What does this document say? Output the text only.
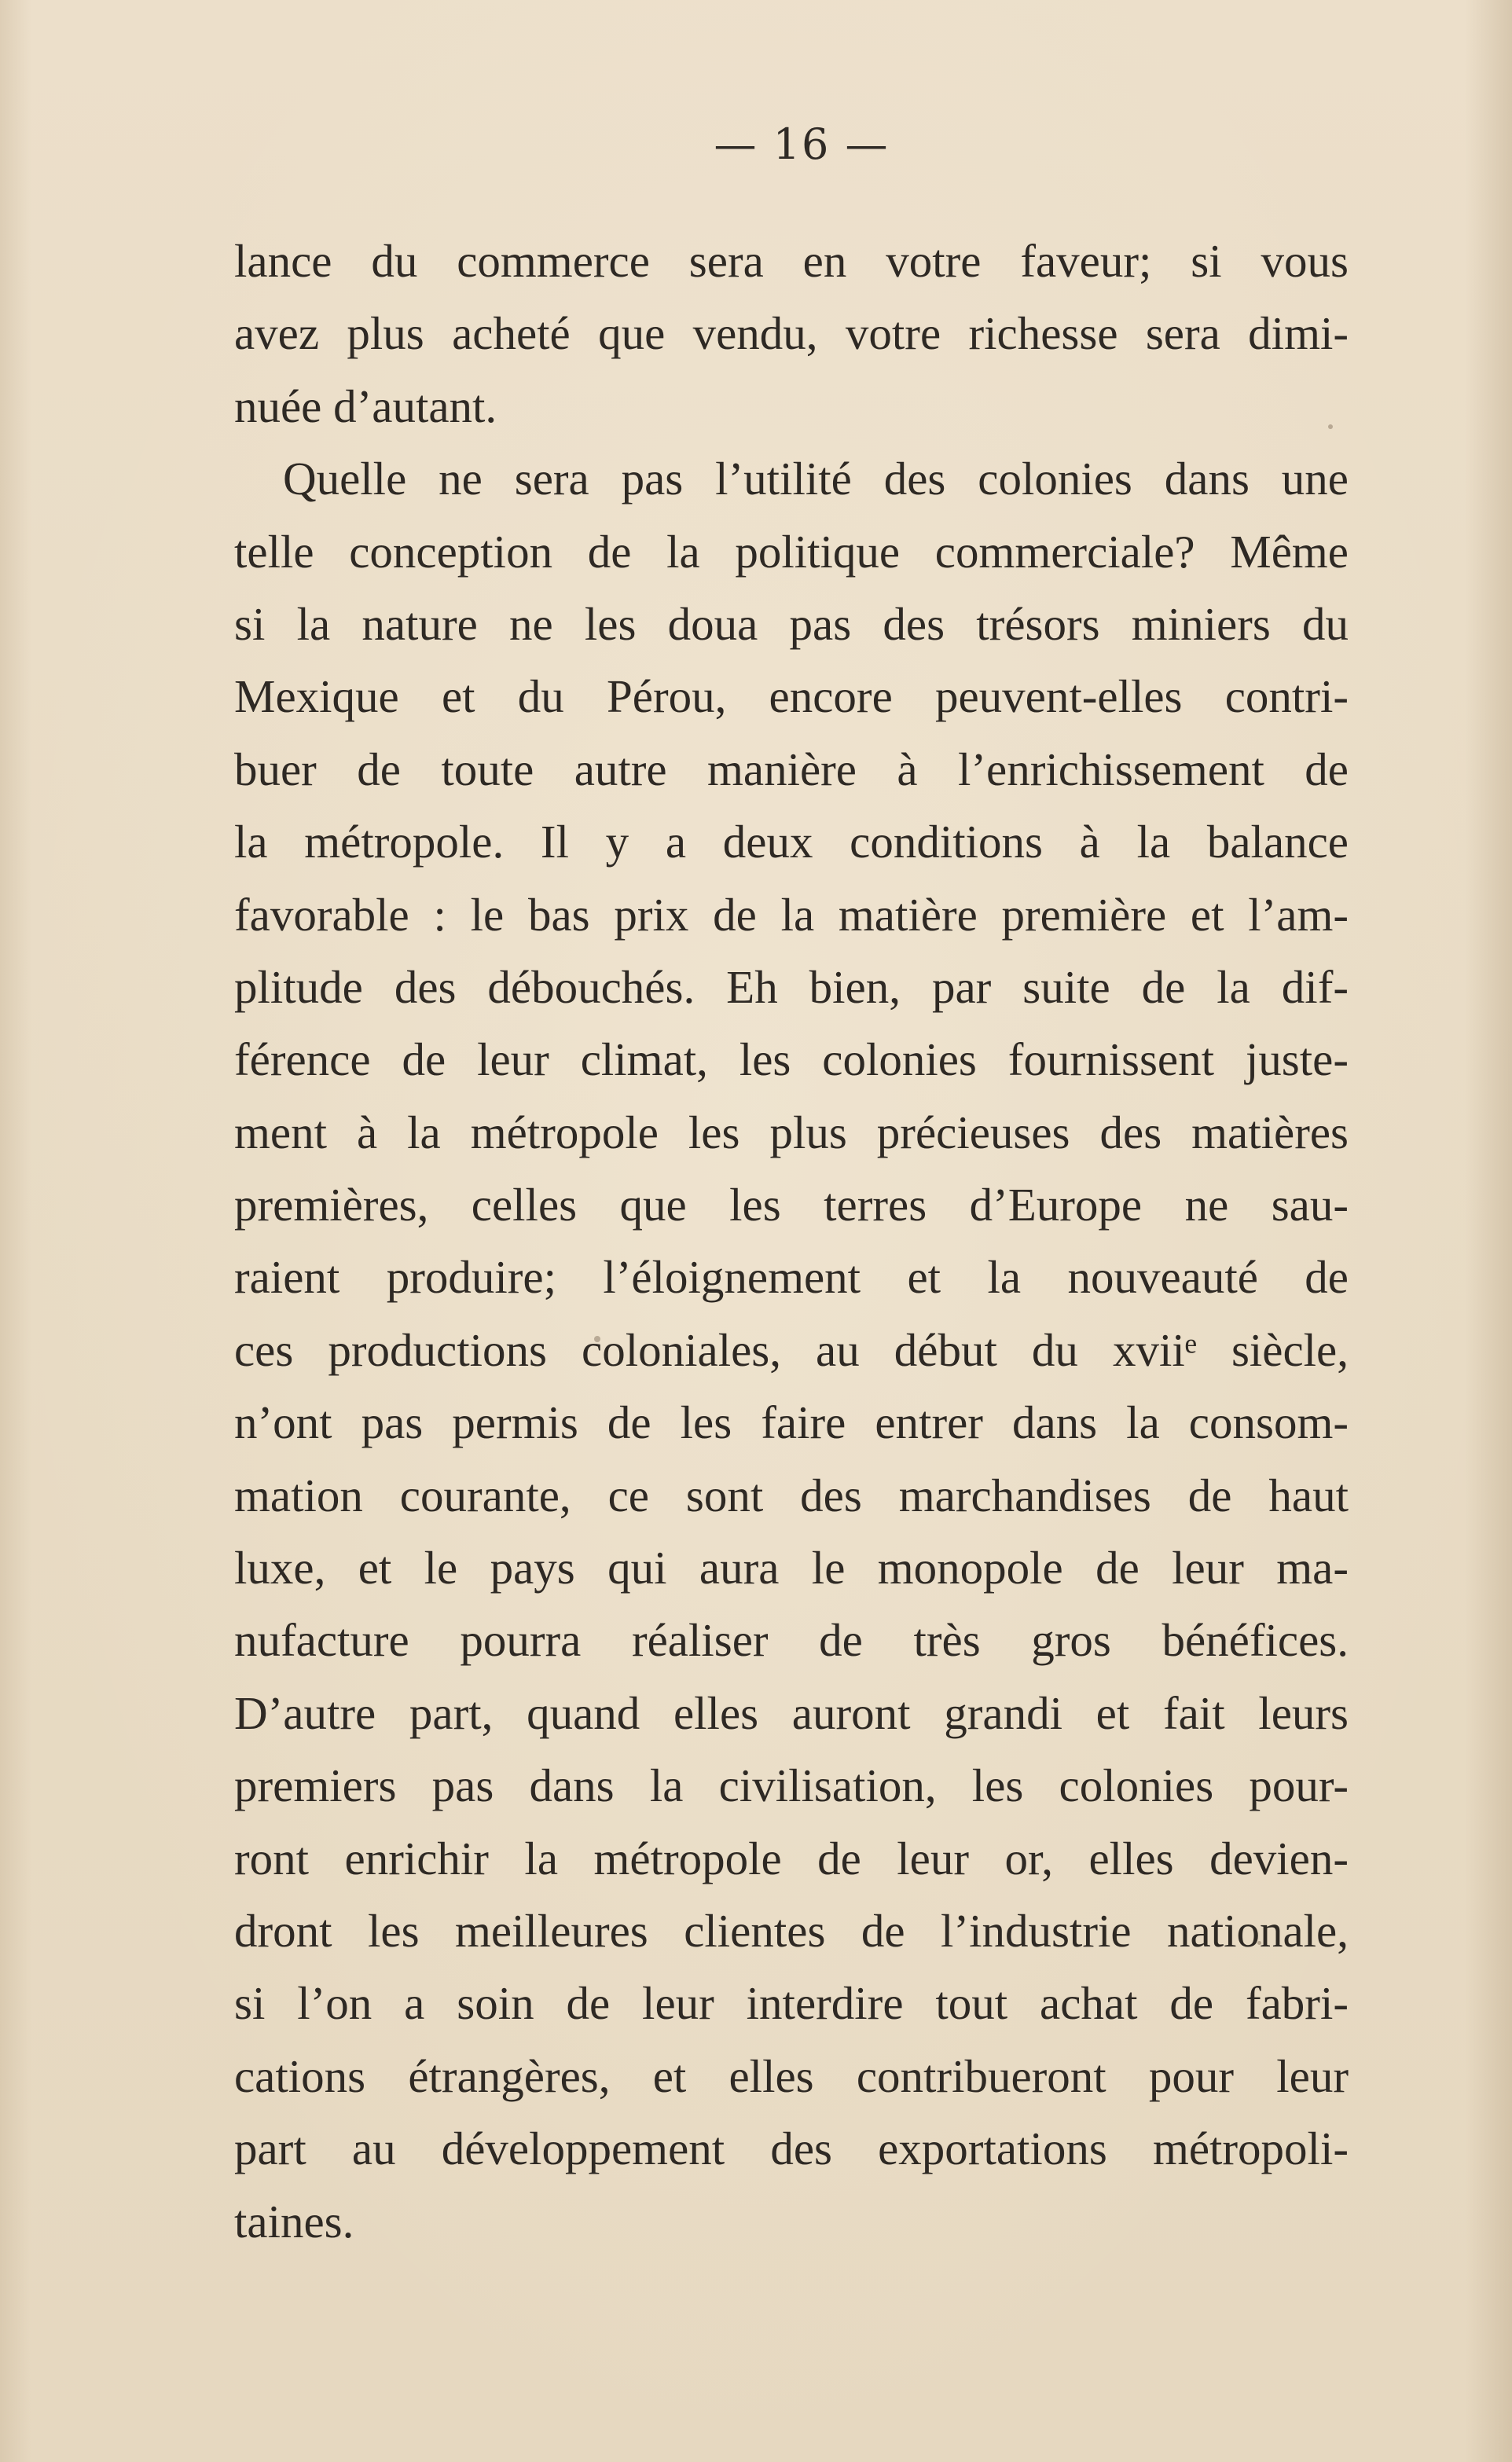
— 16 —
lance du commerce sera en votre faveur; si vous
avez plus acheté que vendu, votre richesse sera dimi-
nuée d’autant.
Quelle ne sera pas l’utilité des colonies dans une
telle conception de la politique commerciale? Même
si la nature ne les doua pas des trésors miniers du
Mexique et du Pérou, encore peuvent-elles contri-
buer de toute autre manière à l’enrichissement de
la métropole. Il y a deux conditions à la balance
favorable : le bas prix de la matière première et l’am-
plitude des débouchés. Eh bien, par suite de la dif-
férence de leur climat, les colonies fournissent juste-
ment à la métropole les plus précieuses des matières
premières, celles que les terres d’Europe ne sau-
raient produire; l’éloignement et la nouveauté de
ces productions coloniales, au début du xviiᵉ siècle,
n’ont pas permis de les faire entrer dans la consom-
mation courante, ce sont des marchandises de haut
luxe, et le pays qui aura le monopole de leur ma-
nufacture pourra réaliser de très gros bénéfices.
D’autre part, quand elles auront grandi et fait leurs
premiers pas dans la civilisation, les colonies pour-
ront enrichir la métropole de leur or, elles devien-
dront les meilleures clientes de l’industrie nationale,
si l’on a soin de leur interdire tout achat de fabri-
cations étrangères, et elles contribueront pour leur
part au développement des exportations métropoli-
taines.
